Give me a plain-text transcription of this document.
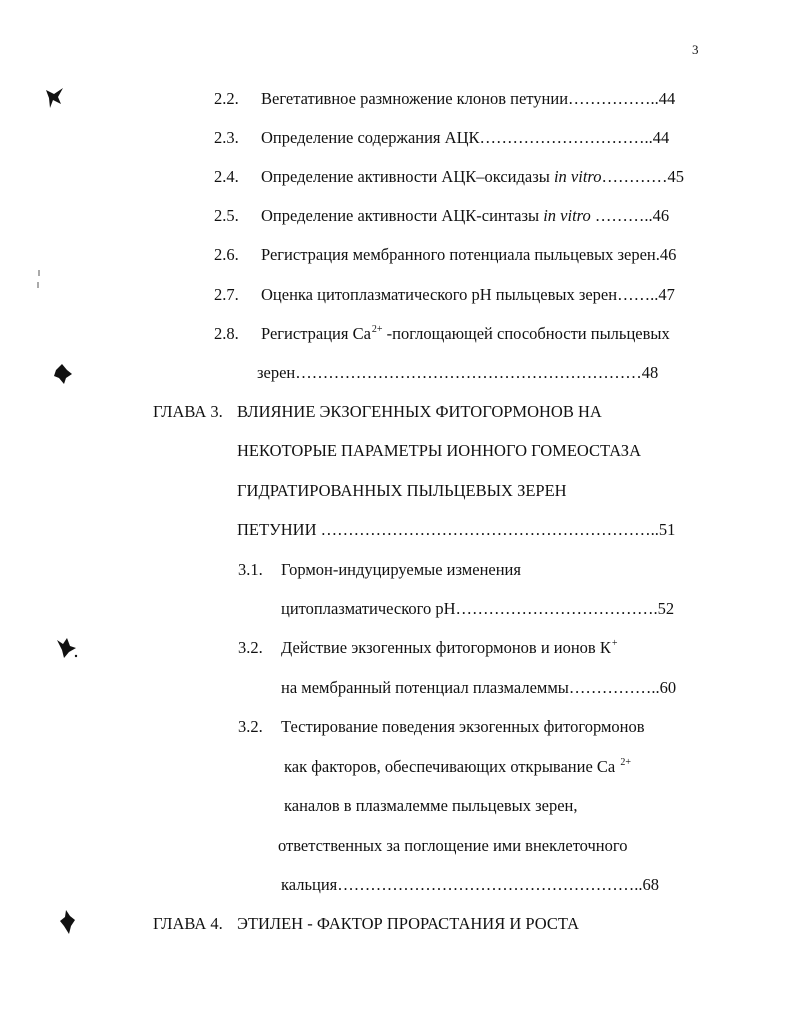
3
2.2. Вегетативное размножение клонов петунии……………..44
2.3. Определение содержания АЦК…………………………..44
2.4. Определение активности АЦК–оксидазы in vitro…………45
2.5. Определение активности АЦК-синтазы in vitro ………..46
2.6. Регистрация мембранного потенциала пыльцевых зерен.46
2.7. Оценка цитоплазматического рН пыльцевых зерен……..47
2.8. Регистрация $Ca^{2+}$ -поглощающей способности пыльцевых
зерен………………………………………………………48
ГЛАВА 3. ВЛИЯНИЕ ЭКЗОГЕННЫХ ФИТОГОРМОНОВ НА
НЕКОТОРЫЕ ПАРАМЕТРЫ ИОННОГО ГОМЕОСТАЗА
ГИДРАТИРОВАННЫХ ПЫЛЬЦЕВЫХ ЗЕРЕН
ПЕТУНИИ ……………………………………………………..51
3.1. Гормон-индуцируемые изменения
цитоплазматического рН……………………………….52
3.2. Действие экзогенных фитогормонов и ионов К+
на мембранный потенциал плазмалеммы……………..60
3.2. Тестирование поведения экзогенных фитогормонов
как факторов, обеспечивающих открывание Ca $^{2+}$
каналов в плазмалемме пыльцевых зерен,
ответственных за поглощение ими внеклеточного
кальция………………………………………………..68
ГЛАВА 4. ЭТИЛЕН - ФАКТОР ПРОРАСТАНИЯ И РОСТА
